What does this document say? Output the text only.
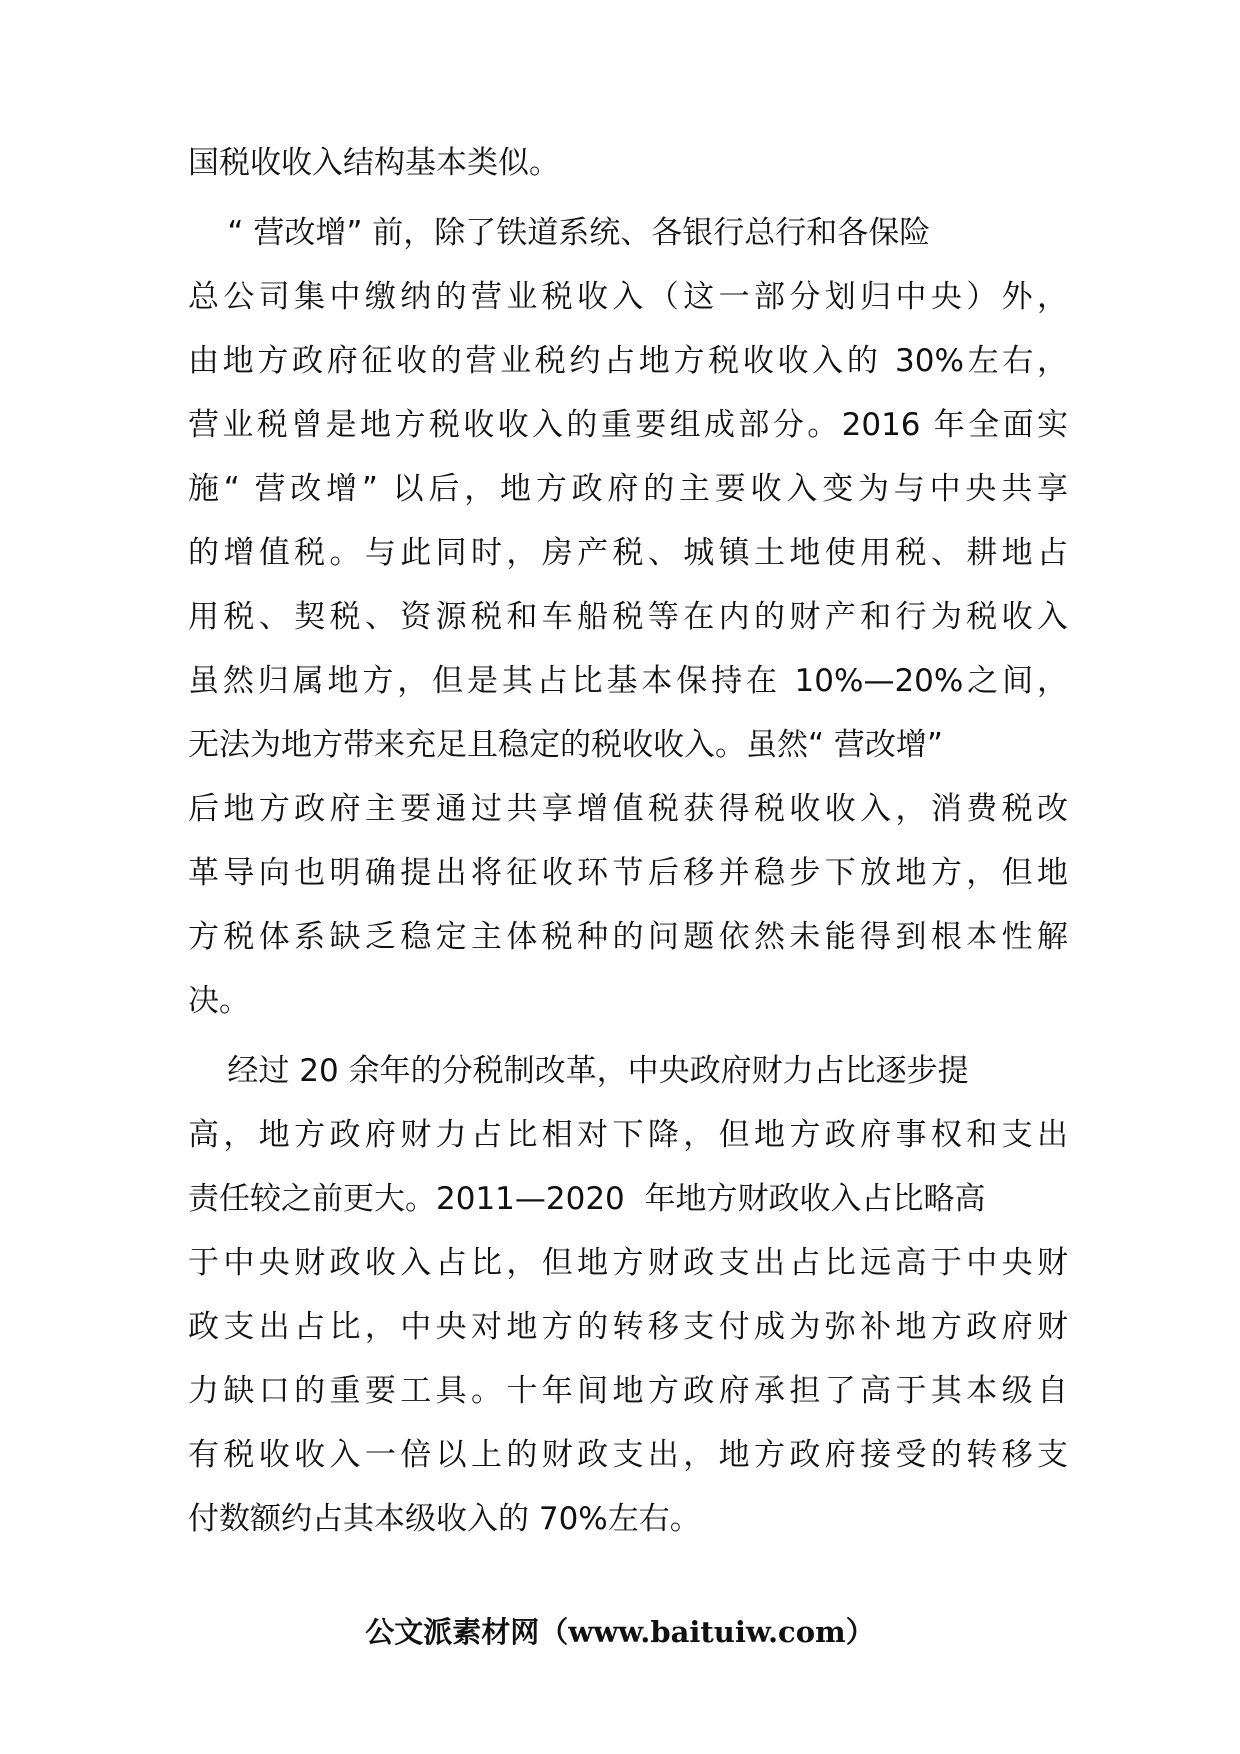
国税收收入结构基本类似。
“ 营改增” 前，除了铁道系统、各银行总行和各保险
总公司集中缴纳的营业税收入（这一部分划归中央）外，
由地方政府征收的营业税约占地方税收收入的 30%左右，
营业税曾是地方税收收入的重要组成部分。2016 年全面实
施“ 营改增” 以后，地方政府的主要收入变为与中央共享
的增值税。与此同时，房产税、城镇土地使用税、耕地占
用税、契税、资源税和车船税等在内的财产和行为税收入
虽然归属地方，但是其占比基本保持在 10%—20%之间，
无法为地方带来充足且稳定的税收收入。虽然“ 营改增”
后地方政府主要通过共享增值税获得税收收入，消费税改
革导向也明确提出将征收环节后移并稳步下放地方，但地
方税体系缺乏稳定主体税种的问题依然未能得到根本性解
决。
经过 20 余年的分税制改革，中央政府财力占比逐步提
高，地方政府财力占比相对下降，但地方政府事权和支出
责任较之前更大。2011—2020  年地方财政收入占比略高
于中央财政收入占比，但地方财政支出占比远高于中央财
政支出占比，中央对地方的转移支付成为弥补地方政府财
力缺口的重要工具。十年间地方政府承担了高于其本级自
有税收收入一倍以上的财政支出，地方政府接受的转移支
付数额约占其本级收入的 70%左右。
公文派素材网（www.baituiw.com）
